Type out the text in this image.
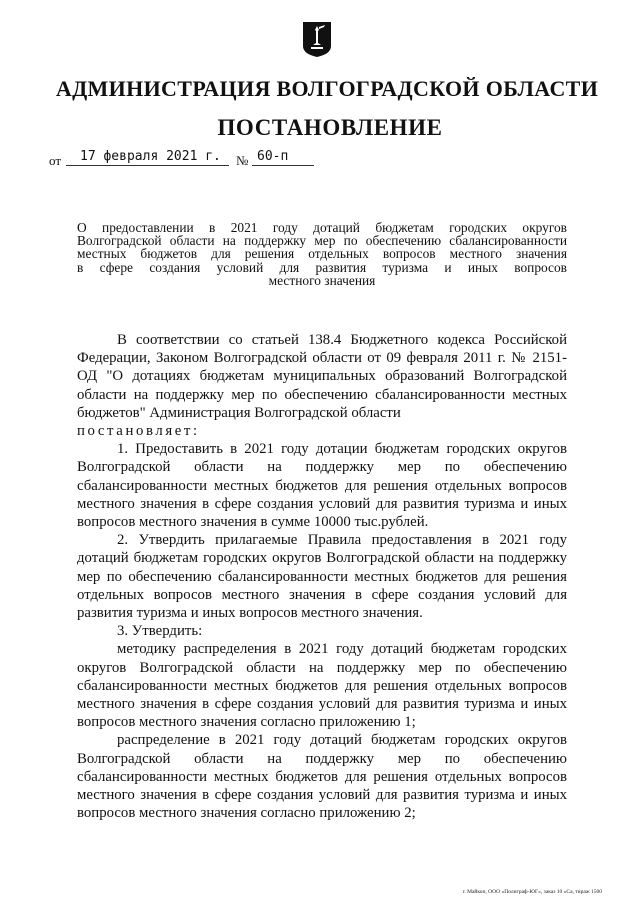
АДМИНИСТРАЦИЯ ВОЛГОГРАДСКОЙ ОБЛАСТИ
ПОСТАНОВЛЕНИЕ
от 17 февраля 2021 г. № 60-п
О предоставлении в 2021 году дотаций бюджетам городских округов
Волгоградской области на поддержку мер по обеспечению сбалансированности
местных бюджетов для решения отдельных вопросов местного значения
в сфере создания условий для развития туризма и иных вопросов
местного значения

В соответствии со статьей 138.4 Бюджетного кодекса Российской Федерации, Законом Волгоградской области от 09 февраля 2011 г. № 2151-ОД "О дотациях бюджетам муниципальных образований Волгоградской области на поддержку мер по обеспечению сбалансированности местных бюджетов" Администрация Волгоградской области

постановляет:

1. Предоставить в 2021 году дотации бюджетам городских округов Волгоградской области на поддержку мер по обеспечению сбалансированности местных бюджетов для решения отдельных вопросов местного значения в сфере создания условий для развития туризма и иных вопросов местного значения в сумме 10000 тыс.рублей.

2. Утвердить прилагаемые Правила предоставления в 2021 году дотаций бюджетам городских округов Волгоградской области на поддержку мер по обеспечению сбалансированности местных бюджетов для решения отдельных вопросов местного значения в сфере создания условий для развития туризма и иных вопросов местного значения.

3. Утвердить:

методику распределения в 2021 году дотаций бюджетам городских округов Волгоградской области на поддержку мер по обеспечению сбалансированности местных бюджетов для решения отдельных вопросов местного значения в сфере создания условий для развития туризма и иных вопросов местного значения согласно приложению 1;

распределение в 2021 году дотаций бюджетам городских округов Волгоградской области на поддержку мер по обеспечению сбалансированности местных бюджетов для решения отдельных вопросов местного значения в сфере создания условий для развития туризма и иных вопросов местного значения согласно приложению 2;

г. Майкоп, ООО «Полиграф-ЮГ», заказ 10 «Са, тираж 1500
